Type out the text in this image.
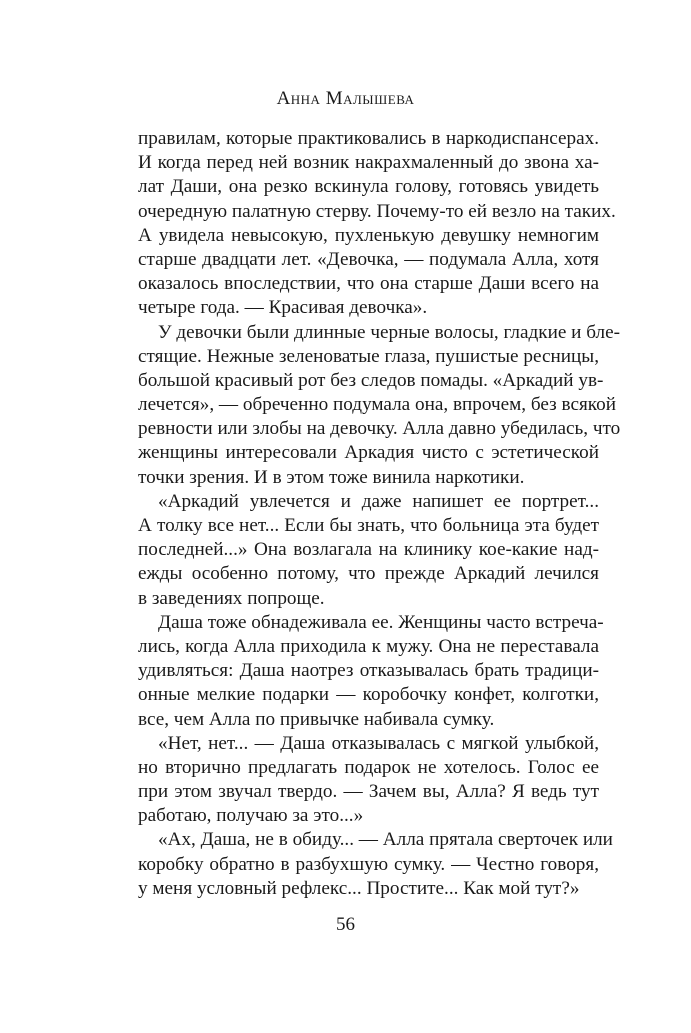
Анна Малышева
правилам, которые практиковались в наркодиспансерах.
И когда перед ней возник накрахмаленный до звона ха-
лат Даши, она резко вскинула голову, готовясь увидеть
очередную палатную стерву. Почему-то ей везло на таких.
А увидела невысокую, пухленькую девушку немногим
старше двадцати лет. «Девочка, — подумала Алла, хотя
оказалось впоследствии, что она старше Даши всего на
четыре года. — Красивая девочка».
У девочки были длинные черные волосы, гладкие и бле-
стящие. Нежные зеленоватые глаза, пушистые ресницы,
большой красивый рот без следов помады. «Аркадий ув-
лечется», — обреченно подумала она, впрочем, без всякой
ревности или злобы на девочку. Алла давно убедилась, что
женщины интересовали Аркадия чисто с эстетической
точки зрения. И в этом тоже винила наркотики.
«Аркадий увлечется и даже напишет ее портрет...
А толку все нет... Если бы знать, что больница эта будет
последней...» Она возлагала на клинику кое-какие над-
ежды особенно потому, что прежде Аркадий лечился
в заведениях попроще.
Даша тоже обнадеживала ее. Женщины часто встреча-
лись, когда Алла приходила к мужу. Она не переставала
удивляться: Даша наотрез отказывалась брать традици-
онные мелкие подарки — коробочку конфет, колготки,
все, чем Алла по привычке набивала сумку.
«Нет, нет... — Даша отказывалась с мягкой улыбкой,
но вторично предлагать подарок не хотелось. Голос ее
при этом звучал твердо. — Зачем вы, Алла? Я ведь тут
работаю, получаю за это...»
«Ах, Даша, не в обиду... — Алла прятала сверточек или
коробку обратно в разбухшую сумку. — Честно говоря,
у меня условный рефлекс... Простите... Как мой тут?»
56
